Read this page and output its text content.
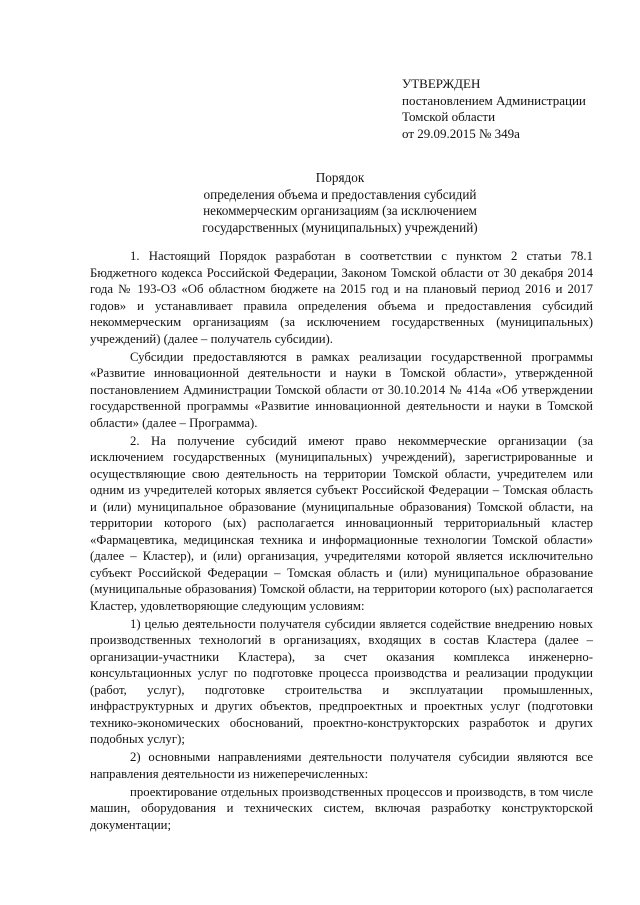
УТВЕРЖДЕН
постановлением Администрации
Томской области
от 29.09.2015 № 349а
Порядок
определения объема и предоставления субсидий
некоммерческим организациям (за исключением
государственных (муниципальных) учреждений)

1. Настоящий Порядок разработан в соответствии с пунктом 2 статьи 78.1 Бюджетного кодекса Российской Федерации, Законом Томской области от 30 декабря 2014 года № 193-ОЗ «Об областном бюджете на 2015 год и на плановый период 2016 и 2017 годов» и устанавливает правила определения объема и предоставления субсидий некоммерческим организациям (за исключением государственных (муниципальных) учреждений) (далее – получатель субсидии).

Субсидии предоставляются в рамках реализации государственной программы «Развитие инновационной деятельности и науки в Томской области», утвержденной постановлением Администрации Томской области от 30.10.2014 № 414а «Об утверждении государственной программы «Развитие инновационной деятельности и науки в Томской области» (далее – Программа).

2. На получение субсидий имеют право некоммерческие организации (за исключением государственных (муниципальных) учреждений), зарегистрированные и осуществляющие свою деятельность на территории Томской области, учредителем или одним из учредителей которых является субъект Российской Федерации – Томская область и (или) муниципальное образование (муниципальные образования) Томской области, на территории которого (ых) располагается инновационный территориальный кластер «Фармацевтика, медицинская техника и информационные технологии Томской области» (далее – Кластер), и (или) организация, учредителями которой является исключительно субъект Российской Федерации – Томская область и (или) муниципальное образование (муниципальные образования) Томской области, на территории которого (ых) располагается Кластер, удовлетворяющие следующим условиям:

1) целью деятельности получателя субсидии является содействие внедрению новых производственных технологий в организациях, входящих в состав Кластера (далее – организации-участники Кластера), за счет оказания комплекса инженерно-консультационных услуг по подготовке процесса производства и реализации продукции (работ, услуг), подготовке строительства и эксплуатации промышленных, инфраструктурных и других объектов, предпроектных и проектных услуг (подготовки технико-экономических обоснований, проектно-конструкторских разработок и других подобных услуг);

2) основными направлениями деятельности получателя субсидии являются все направления деятельности из нижеперечисленных:

проектирование отдельных производственных процессов и производств, в том числе машин, оборудования и технических систем, включая разработку конструкторской документации;
